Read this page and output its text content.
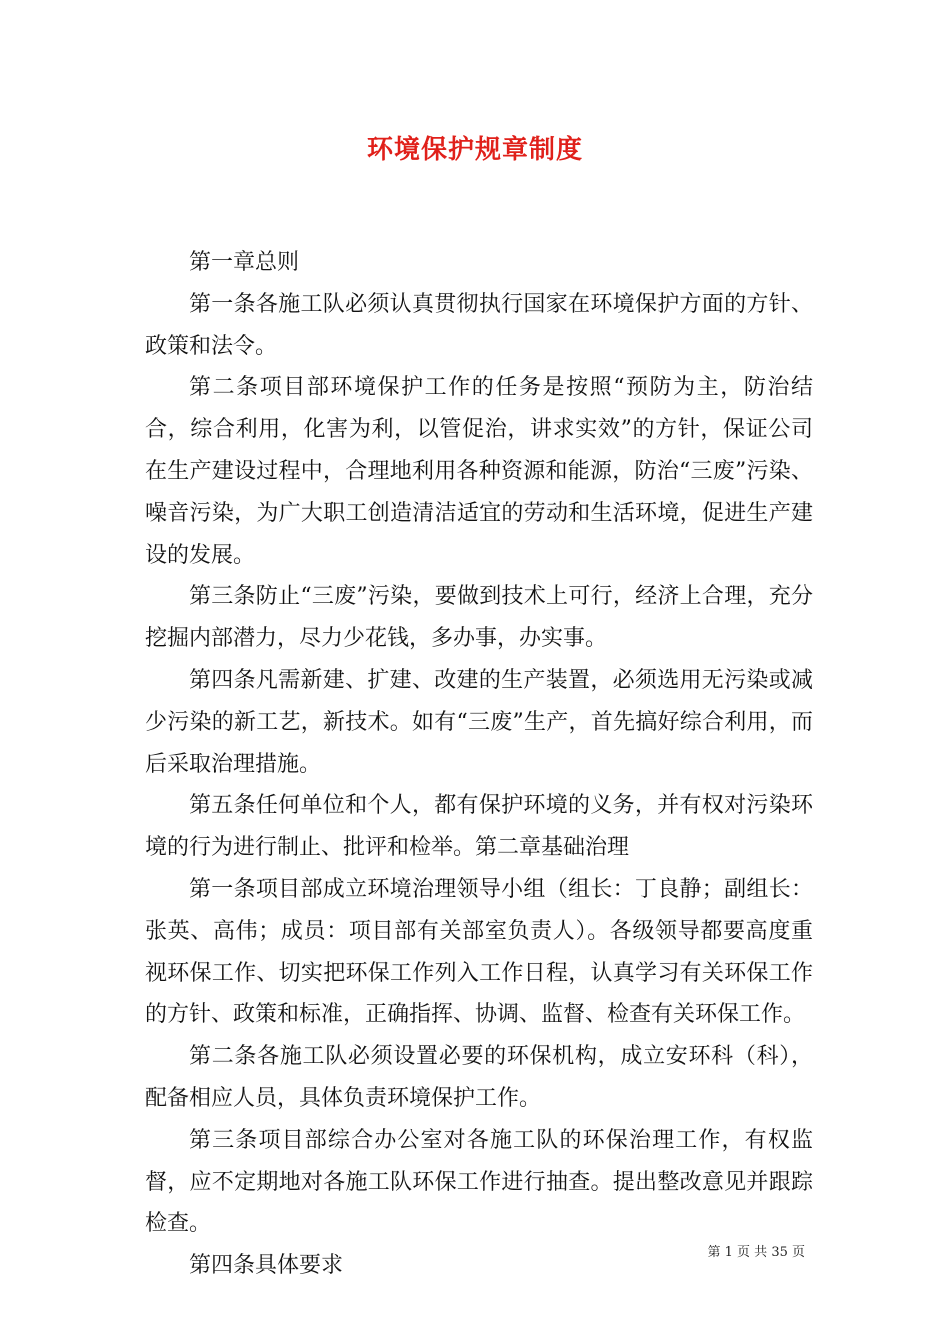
环境保护规章制度

第一章总则

第一条各施工队必须认真贯彻执行国家在环境保护方面的方针、政策和法令。

第二条项目部环境保护工作的任务是按照“预防为主，防治结合，综合利用，化害为利，以管促治，讲求实效”的方针，保证公司在生产建设过程中，合理地利用各种资源和能源，防治“三废”污染、噪音污染，为广大职工创造清洁适宜的劳动和生活环境，促进生产建设的发展。

第三条防止“三废”污染，要做到技术上可行，经济上合理，充分挖掘内部潜力，尽力少花钱，多办事，办实事。

第四条凡需新建、扩建、改建的生产装置，必须选用无污染或减少污染的新工艺，新技术。如有“三废”生产，首先搞好综合利用，而后采取治理措施。

第五条任何单位和个人，都有保护环境的义务，并有权对污染环境的行为进行制止、批评和检举。第二章基础治理

第一条项目部成立环境治理领导小组（组长：丁良静；副组长：张英、高伟；成员：项目部有关部室负责人）。各级领导都要高度重视环保工作、切实把环保工作列入工作日程，认真学习有关环保工作的方针、政策和标准，正确指挥、协调、监督、检查有关环保工作。

第二条各施工队必须设置必要的环保机构，成立安环科（科），配备相应人员，具体负责环境保护工作。

第三条项目部综合办公室对各施工队的环保治理工作，有权监督，应不定期地对各施工队环保工作进行抽查。提出整改意见并跟踪检查。

第四条具体要求

第 1 页 共 35 页
